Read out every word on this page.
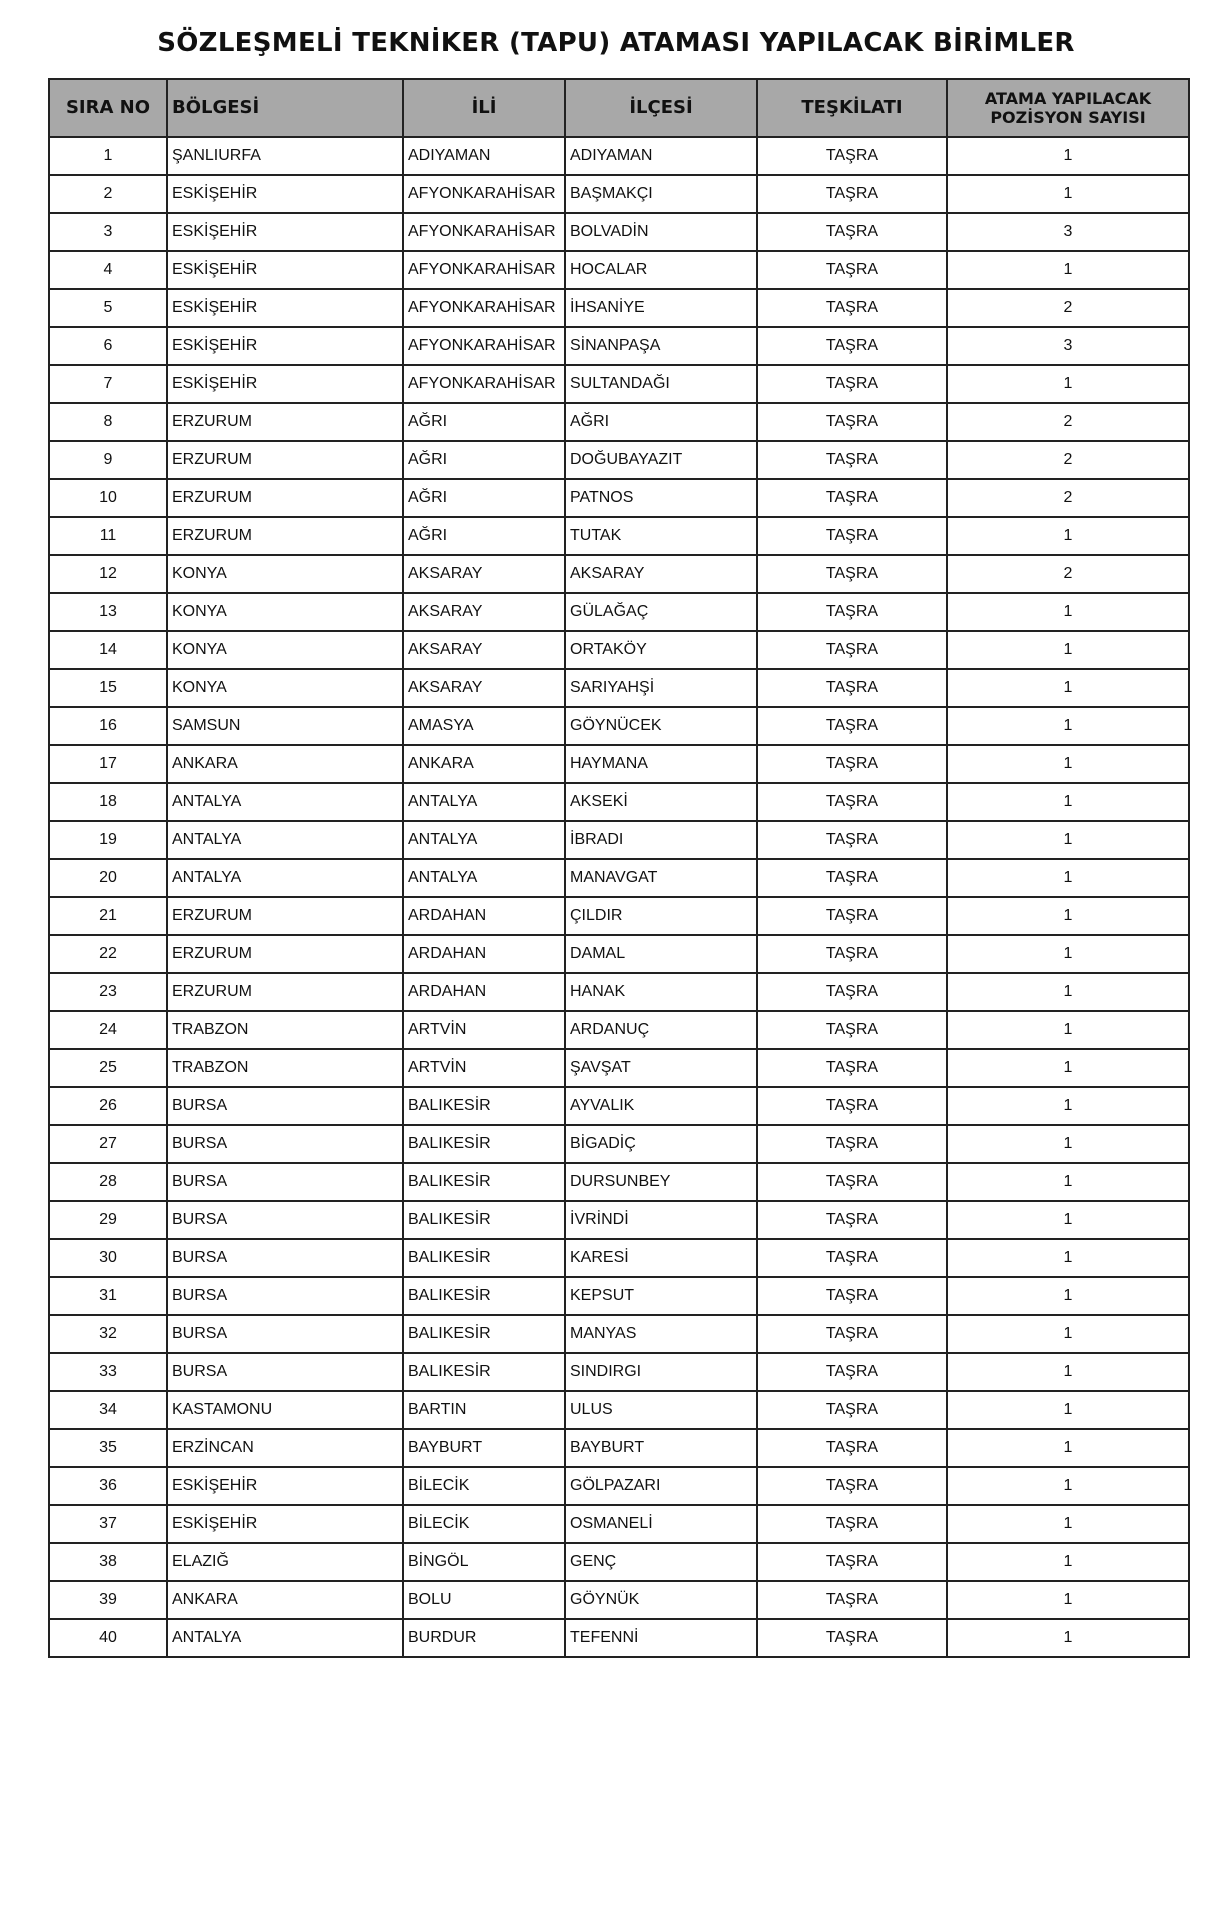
SÖZLEŞMELİ TEKNİKER (TAPU) ATAMASI YAPILACAK BİRİMLER
SIRA NO	BÖLGESİ	İLİ	İLÇESİ	TEŞKİLATI	ATAMA YAPILACAK
POZİSYON SAYISI
1	ŞANLIURFA	ADIYAMAN	ADIYAMAN	TAŞRA	1
2	ESKİŞEHİR	AFYONKARAHİSAR	BAŞMAKÇI	TAŞRA	1
3	ESKİŞEHİR	AFYONKARAHİSAR	BOLVADİN	TAŞRA	3
4	ESKİŞEHİR	AFYONKARAHİSAR	HOCALAR	TAŞRA	1
5	ESKİŞEHİR	AFYONKARAHİSAR	İHSANİYE	TAŞRA	2
6	ESKİŞEHİR	AFYONKARAHİSAR	SİNANPAŞA	TAŞRA	3
7	ESKİŞEHİR	AFYONKARAHİSAR	SULTANDAĞI	TAŞRA	1
8	ERZURUM	AĞRI	AĞRI	TAŞRA	2
9	ERZURUM	AĞRI	DOĞUBAYAZIT	TAŞRA	2
10	ERZURUM	AĞRI	PATNOS	TAŞRA	2
11	ERZURUM	AĞRI	TUTAK	TAŞRA	1
12	KONYA	AKSARAY	AKSARAY	TAŞRA	2
13	KONYA	AKSARAY	GÜLAĞAÇ	TAŞRA	1
14	KONYA	AKSARAY	ORTAKÖY	TAŞRA	1
15	KONYA	AKSARAY	SARIYAHŞİ	TAŞRA	1
16	SAMSUN	AMASYA	GÖYNÜCEK	TAŞRA	1
17	ANKARA	ANKARA	HAYMANA	TAŞRA	1
18	ANTALYA	ANTALYA	AKSEKİ	TAŞRA	1
19	ANTALYA	ANTALYA	İBRADI	TAŞRA	1
20	ANTALYA	ANTALYA	MANAVGAT	TAŞRA	1
21	ERZURUM	ARDAHAN	ÇILDIR	TAŞRA	1
22	ERZURUM	ARDAHAN	DAMAL	TAŞRA	1
23	ERZURUM	ARDAHAN	HANAK	TAŞRA	1
24	TRABZON	ARTVİN	ARDANUÇ	TAŞRA	1
25	TRABZON	ARTVİN	ŞAVŞAT	TAŞRA	1
26	BURSA	BALIKESİR	AYVALIK	TAŞRA	1
27	BURSA	BALIKESİR	BİGADİÇ	TAŞRA	1
28	BURSA	BALIKESİR	DURSUNBEY	TAŞRA	1
29	BURSA	BALIKESİR	İVRİNDİ	TAŞRA	1
30	BURSA	BALIKESİR	KARESİ	TAŞRA	1
31	BURSA	BALIKESİR	KEPSUT	TAŞRA	1
32	BURSA	BALIKESİR	MANYAS	TAŞRA	1
33	BURSA	BALIKESİR	SINDIRGI	TAŞRA	1
34	KASTAMONU	BARTIN	ULUS	TAŞRA	1
35	ERZİNCAN	BAYBURT	BAYBURT	TAŞRA	1
36	ESKİŞEHİR	BİLECİK	GÖLPAZARI	TAŞRA	1
37	ESKİŞEHİR	BİLECİK	OSMANELİ	TAŞRA	1
38	ELAZIĞ	BİNGÖL	GENÇ	TAŞRA	1
39	ANKARA	BOLU	GÖYNÜK	TAŞRA	1
40	ANTALYA	BURDUR	TEFENNİ	TAŞRA	1
